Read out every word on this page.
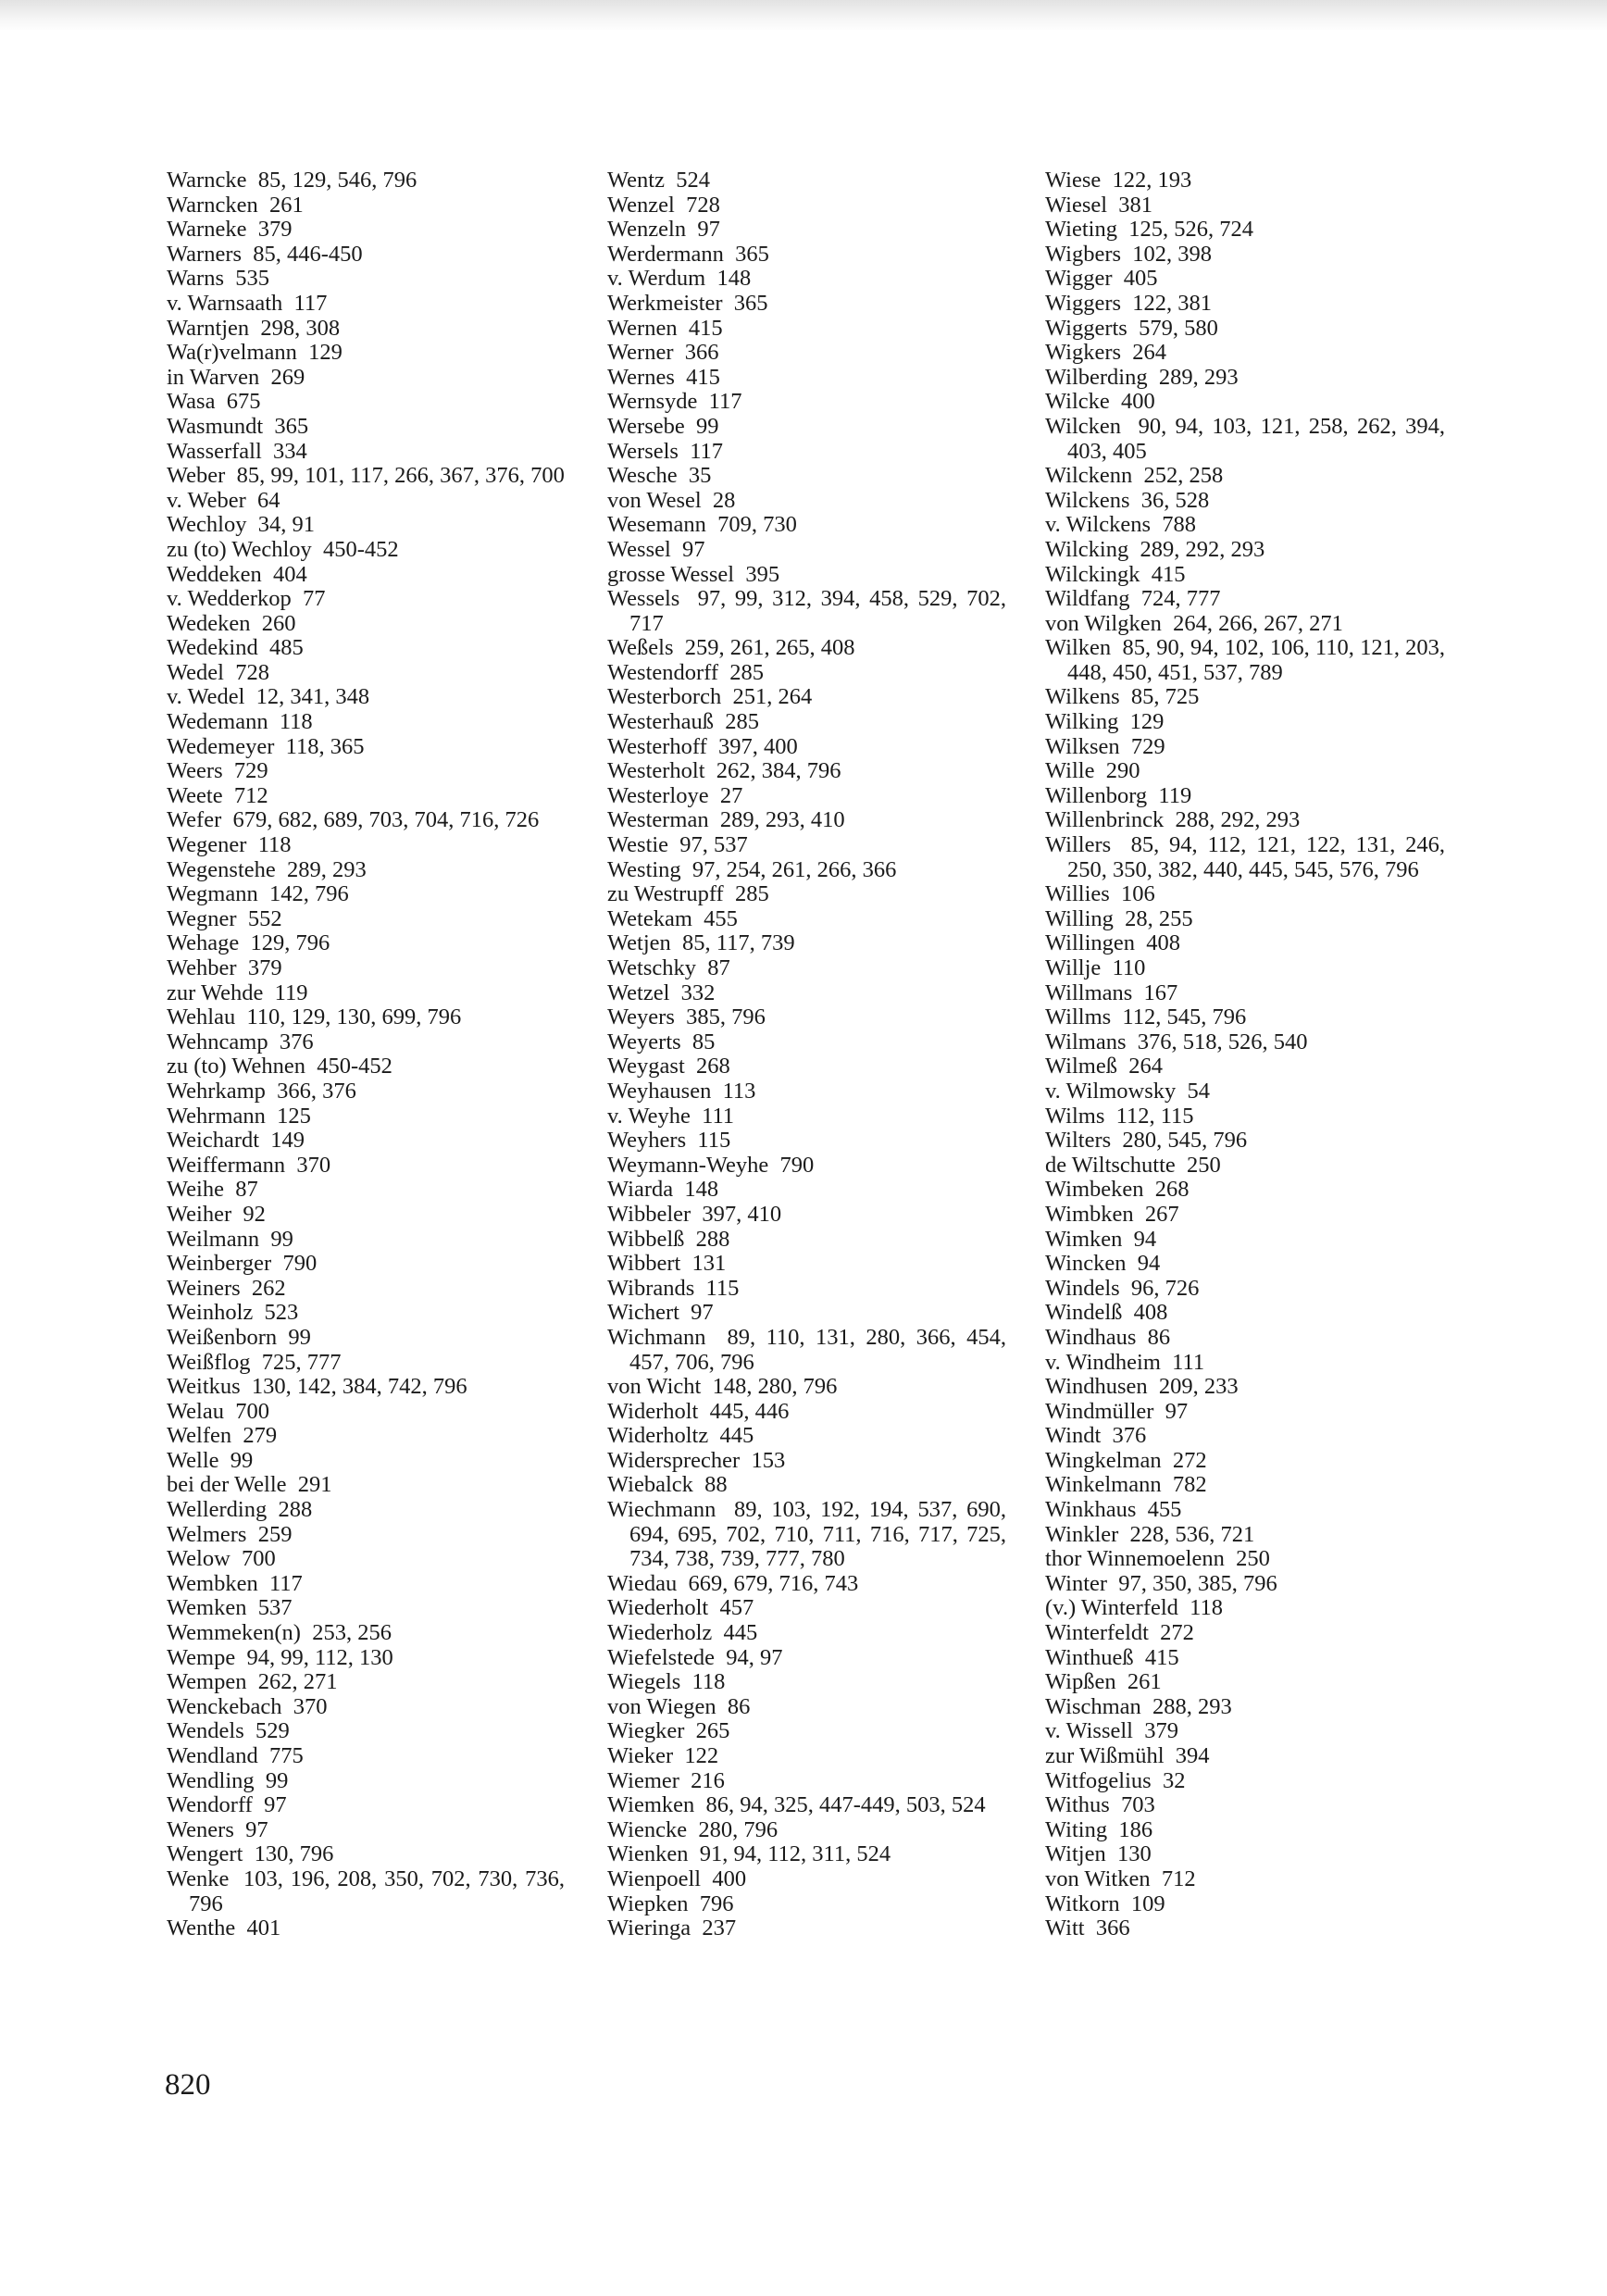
Warncke  85, 129, 546, 796
Warncken  261
Warneke  379
Warners  85, 446-450
Warns  535
v. Warnsaath  117
Warntjen  298, 308
Wa(r)velmann  129
in Warven  269
Wasa  675
Wasmundt  365
Wasserfall  334
Weber  85, 99, 101, 117, 266, 367, 376, 700
v. Weber  64
Wechloy  34, 91
zu (to) Wechloy  450-452
Weddeken  404
v. Wedderkop  77
Wedeken  260
Wedekind  485
Wedel  728
v. Wedel  12, 341, 348
Wedemann  118
Wedemeyer  118, 365
Weers  729
Weete  712
Wefer  679, 682, 689, 703, 704, 716, 726
Wegener  118
Wegenstehe  289, 293
Wegmann  142, 796
Wegner  552
Wehage  129, 796
Wehber  379
zur Wehde  119
Wehlau  110, 129, 130, 699, 796
Wehncamp  376
zu (to) Wehnen  450-452
Wehrkamp  366, 376
Wehrmann  125
Weichardt  149
Weiffermann  370
Weihe  87
Weiher  92
Weilmann  99
Weinberger  790
Weiners  262
Weinholz  523
Weißenborn  99
Weißflog  725, 777
Weitkus  130, 142, 384, 742, 796
Welau  700
Welfen  279
Welle  99
bei der Welle  291
Wellerding  288
Welmers  259
Welow  700
Wembken  117
Wemken  537
Wemmeken(n)  253, 256
Wempe  94, 99, 112, 130
Wempen  262, 271
Wenckebach  370
Wendels  529
Wendland  775
Wendling  99
Wendorff  97
Weners  97
Wengert  130, 796
Wenke  103, 196, 208, 350, 702, 730, 736, 796
Wenthe  401
Wentz  524
Wenzel  728
Wenzeln  97
Werdermann  365
v. Werdum  148
Werkmeister  365
Wernen  415
Werner  366
Wernes  415
Wernsyde  117
Wersebe  99
Wersels  117
Wesche  35
von Wesel  28
Wesemann  709, 730
Wessel  97
grosse Wessel  395
Wessels  97, 99, 312, 394, 458, 529, 702, 717
Weßels  259, 261, 265, 408
Westendorff  285
Westerborch  251, 264
Westerhauß  285
Westerhoff  397, 400
Westerholt  262, 384, 796
Westerloye  27
Westerman  289, 293, 410
Westie  97, 537
Westing  97, 254, 261, 266, 366
zu Westrupff  285
Wetekam  455
Wetjen  85, 117, 739
Wetschky  87
Wetzel  332
Weyers  385, 796
Weyerts  85
Weygast  268
Weyhausen  113
v. Weyhe  111
Weyhers  115
Weymann-Weyhe  790
Wiarda  148
Wibbeler  397, 410
Wibbelß  288
Wibbert  131
Wibrands  115
Wichert  97
Wichmann  89, 110, 131, 280, 366, 454, 457, 706, 796
von Wicht  148, 280, 796
Widerholt  445, 446
Widerholtz  445
Widersprecher  153
Wiebalck  88
Wiechmann  89, 103, 192, 194, 537, 690, 694, 695, 702, 710, 711, 716, 717, 725, 734, 738, 739, 777, 780
Wiedau  669, 679, 716, 743
Wiederholt  457
Wiederholz  445
Wiefelstede  94, 97
Wiegels  118
von Wiegen  86
Wiegker  265
Wieker  122
Wiemer  216
Wiemken  86, 94, 325, 447-449, 503, 524
Wiencke  280, 796
Wienken  91, 94, 112, 311, 524
Wienpoell  400
Wiepken  796
Wieringa  237
Wiese  122, 193
Wiesel  381
Wieting  125, 526, 724
Wigbers  102, 398
Wigger  405
Wiggers  122, 381
Wiggerts  579, 580
Wigkers  264
Wilberding  289, 293
Wilcke  400
Wilcken  90, 94, 103, 121, 258, 262, 394, 403, 405
Wilckenn  252, 258
Wilckens  36, 528
v. Wilckens  788
Wilcking  289, 292, 293
Wilckingk  415
Wildfang  724, 777
von Wilgken  264, 266, 267, 271
Wilken  85, 90, 94, 102, 106, 110, 121, 203, 448, 450, 451, 537, 789
Wilkens  85, 725
Wilking  129
Wilksen  729
Wille  290
Willenborg  119
Willenbrinck  288, 292, 293
Willers  85, 94, 112, 121, 122, 131, 246, 250, 350, 382, 440, 445, 545, 576, 796
Willies  106
Willing  28, 255
Willingen  408
Willje  110
Willmans  167
Willms  112, 545, 796
Wilmans  376, 518, 526, 540
Wilmeß  264
v. Wilmowsky  54
Wilms  112, 115
Wilters  280, 545, 796
de Wiltschutte  250
Wimbeken  268
Wimbken  267
Wimken  94
Wincken  94
Windels  96, 726
Windelß  408
Windhaus  86
v. Windheim  111
Windhusen  209, 233
Windmüller  97
Windt  376
Wingkelman  272
Winkelmann  782
Winkhaus  455
Winkler  228, 536, 721
thor Winnemoelenn  250
Winter  97, 350, 385, 796
(v.) Winterfeld  118
Winterfeldt  272
Winthueß  415
Wipßen  261
Wischman  288, 293
v. Wissell  379
zur Wißmühl  394
Witfogelius  32
Withus  703
Witing  186
Witjen  130
von Witken  712
Witkorn  109
Witt  366
820
